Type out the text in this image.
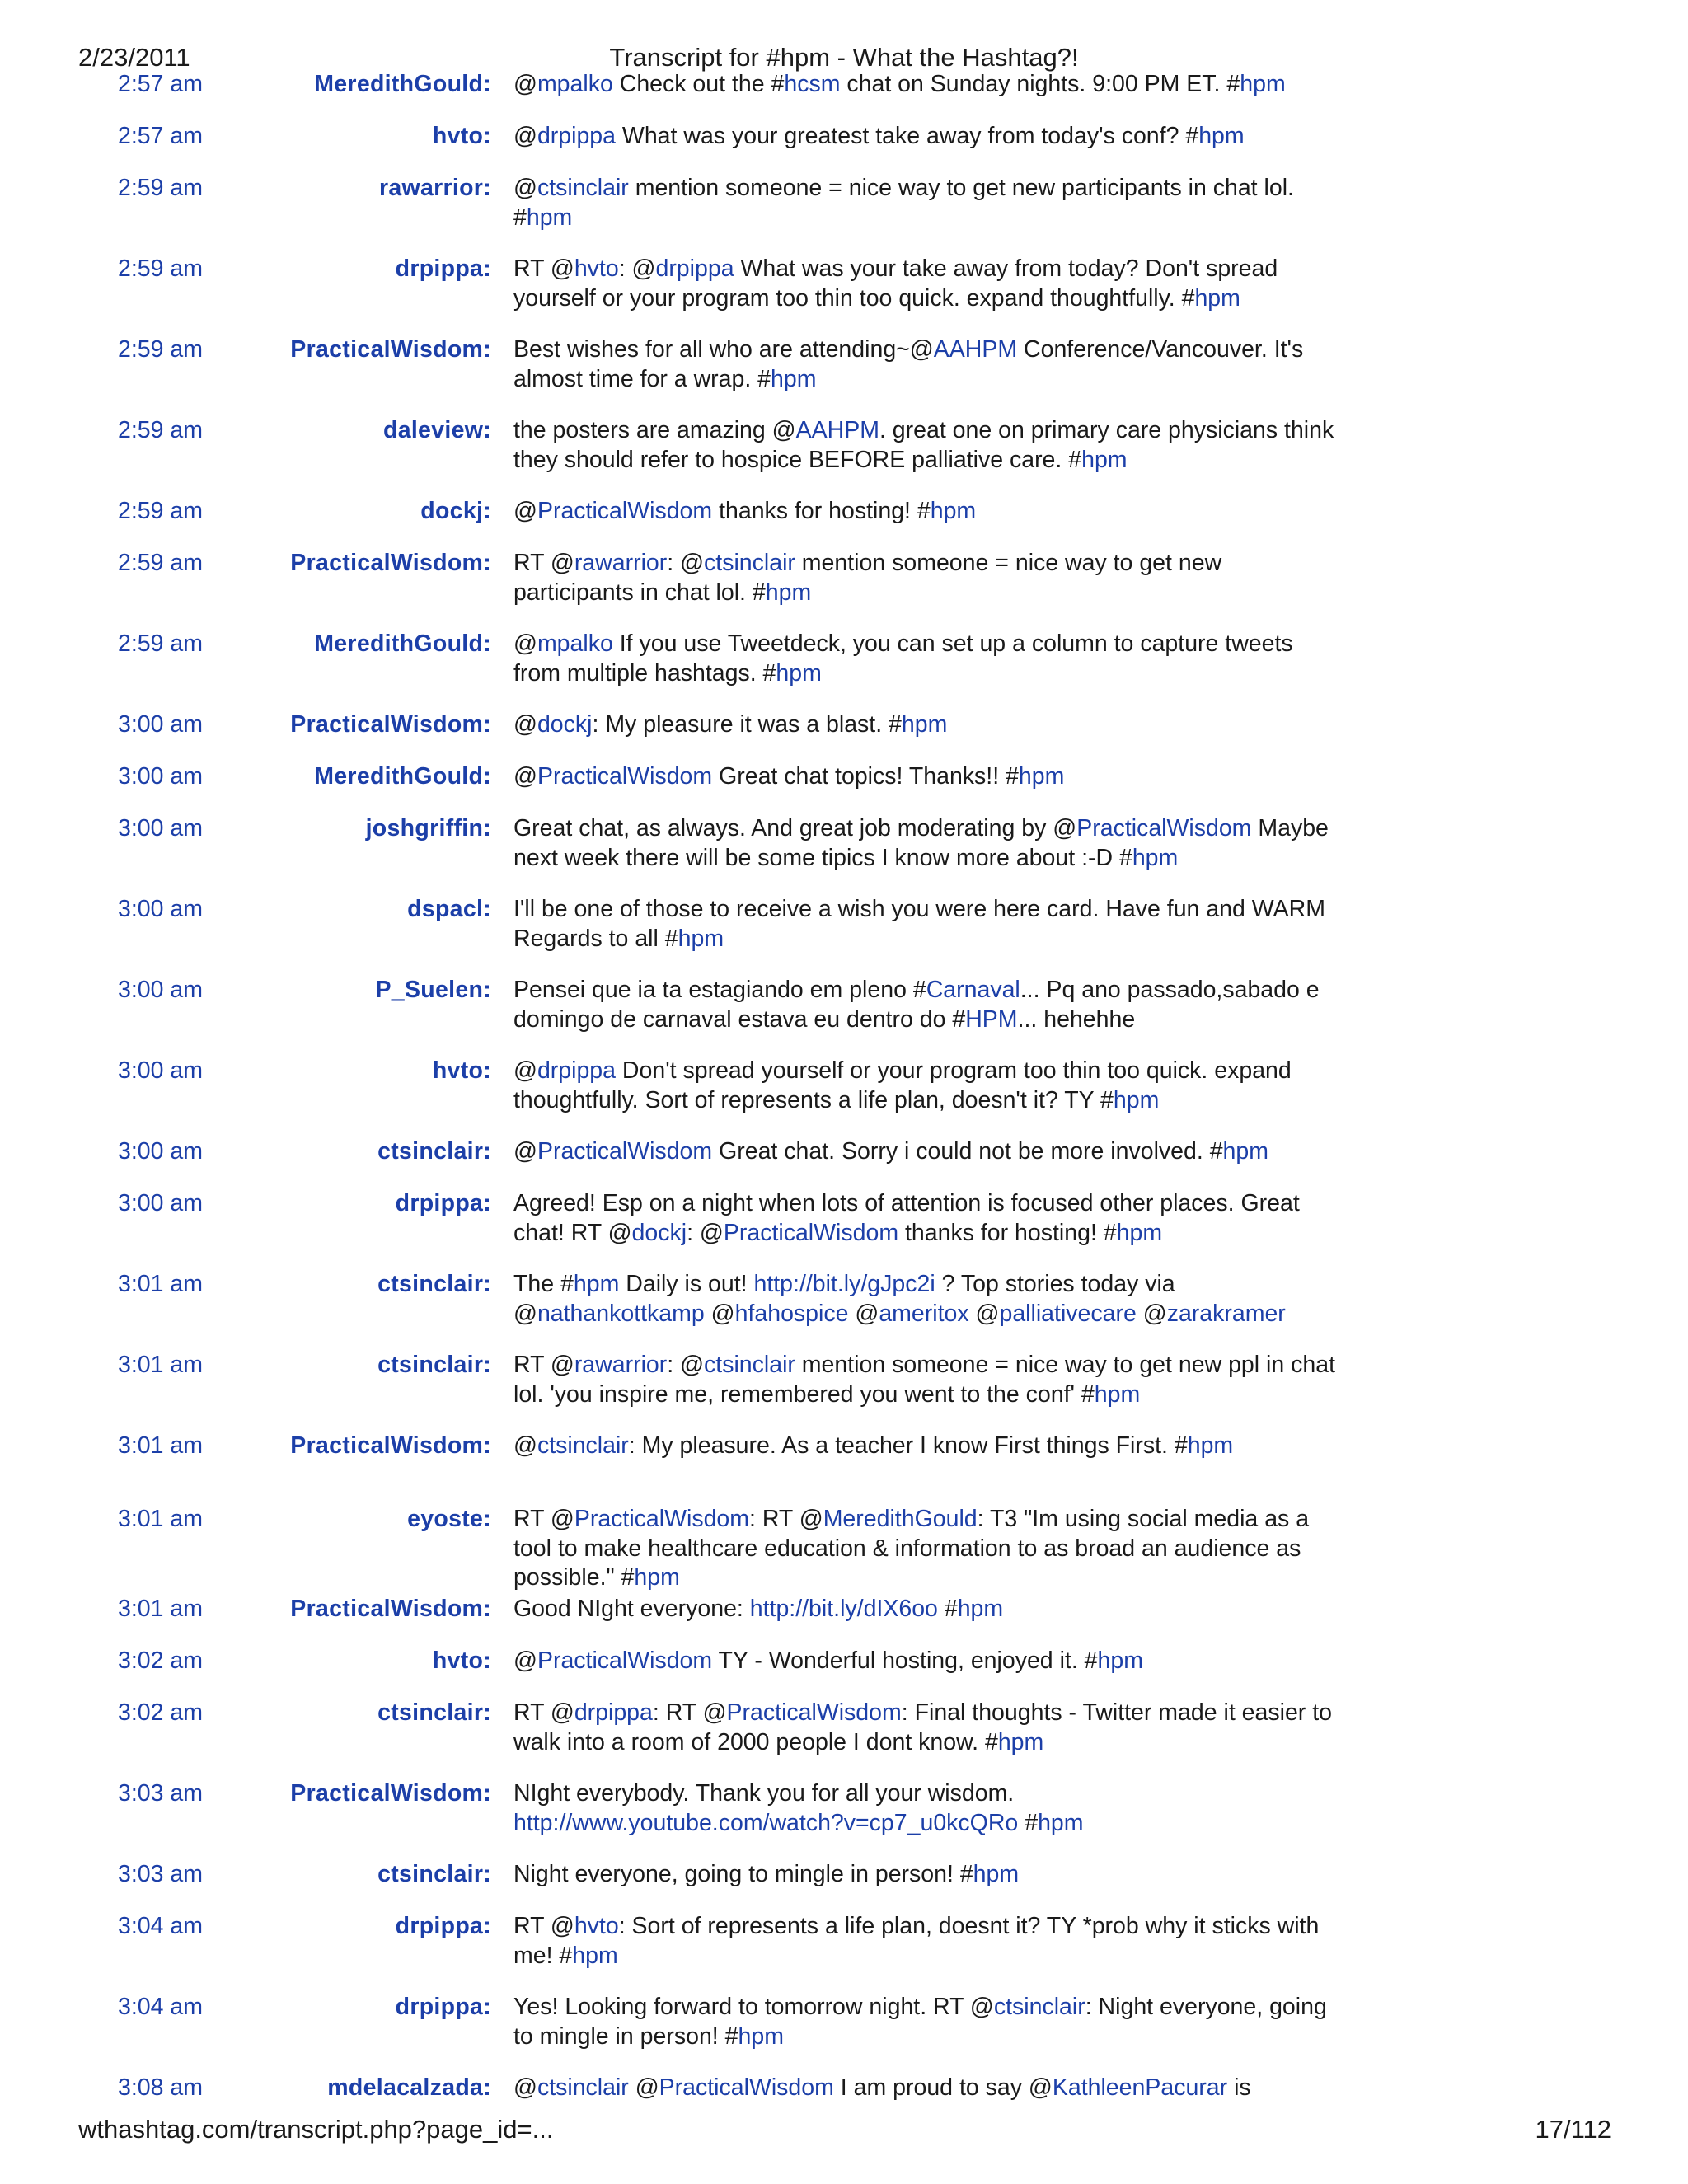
2/23/2011	Transcript for #hpm - What the Hashtag?!
2:57 am	MeredithGould: @mpalko Check out the #hcsm chat on Sunday nights. 9:00 PM ET. #hpm
2:57 am	hvto: @drpippa What was your greatest take away from today's conf? #hpm
2:59 am	rawarrior: @ctsinclair mention someone = nice way to get new participants in chat lol. #hpm
2:59 am	drpippa: RT @hvto: @drpippa What was your take away from today? Don't spread yourself or your program too thin too quick. expand thoughtfully. #hpm
2:59 am	PracticalWisdom: Best wishes for all who are attending~@AAHPM Conference/Vancouver. It's almost time for a wrap. #hpm
2:59 am	daleview: the posters are amazing @AAHPM. great one on primary care physicians think they should refer to hospice BEFORE palliative care. #hpm
2:59 am	dockj: @PracticalWisdom thanks for hosting! #hpm
2:59 am	PracticalWisdom: RT @rawarrior: @ctsinclair mention someone = nice way to get new participants in chat lol. #hpm
2:59 am	MeredithGould: @mpalko If you use Tweetdeck, you can set up a column to capture tweets from multiple hashtags. #hpm
3:00 am	PracticalWisdom: @dockj: My pleasure it was a blast. #hpm
3:00 am	MeredithGould: @PracticalWisdom Great chat topics! Thanks!! #hpm
3:00 am	joshgriffin: Great chat, as always. And great job moderating by @PracticalWisdom Maybe next week there will be some tipics I know more about :-D #hpm
3:00 am	dspacl: I'll be one of those to receive a wish you were here card. Have fun and WARM Regards to all #hpm
3:00 am	P_Suelen: Pensei que ia ta estagiando em pleno #Carnaval... Pq ano passado,sabado e domingo de carnaval estava eu dentro do #HPM... hehehhe
3:00 am	hvto: @drpippa Don't spread yourself or your program too thin too quick. expand thoughtfully. Sort of represents a life plan, doesn't it? TY #hpm
3:00 am	ctsinclair: @PracticalWisdom Great chat. Sorry i could not be more involved. #hpm
3:00 am	drpippa: Agreed! Esp on a night when lots of attention is focused other places. Great chat! RT @dockj: @PracticalWisdom thanks for hosting! #hpm
3:01 am	ctsinclair: The #hpm Daily is out! http://bit.ly/gJpc2i ? Top stories today via @nathankottkamp @hfahospice @ameritox @palliativecare @zarakramer
3:01 am	ctsinclair: RT @rawarrior: @ctsinclair mention someone = nice way to get new ppl in chat lol. 'you inspire me, remembered you went to the conf' #hpm
3:01 am	PracticalWisdom: @ctsinclair: My pleasure. As a teacher I know First things First. #hpm
3:01 am	eyoste: RT @PracticalWisdom: RT @MeredithGould: T3 "Im using social media as a tool to make healthcare education & information to as broad an audience as possible." #hpm
3:01 am	PracticalWisdom: Good NIght everyone: http://bit.ly/dIX6oo #hpm
3:02 am	hvto: @PracticalWisdom TY - Wonderful hosting, enjoyed it. #hpm
3:02 am	ctsinclair: RT @drpippa: RT @PracticalWisdom: Final thoughts - Twitter made it easier to walk into a room of 2000 people I dont know. #hpm
3:03 am	PracticalWisdom: NIght everybody. Thank you for all your wisdom. http://www.youtube.com/watch?v=cp7_u0kcQRo #hpm
3:03 am	ctsinclair: Night everyone, going to mingle in person! #hpm
3:04 am	drpippa: RT @hvto: Sort of represents a life plan, doesnt it? TY *prob why it sticks with me! #hpm
3:04 am	drpippa: Yes! Looking forward to tomorrow night. RT @ctsinclair: Night everyone, going to mingle in person! #hpm
3:08 am	mdelacalzada: @ctsinclair @PracticalWisdom I am proud to say @KathleenPacurar is
wthashtag.com/transcript.php?page_id=...	17/112
